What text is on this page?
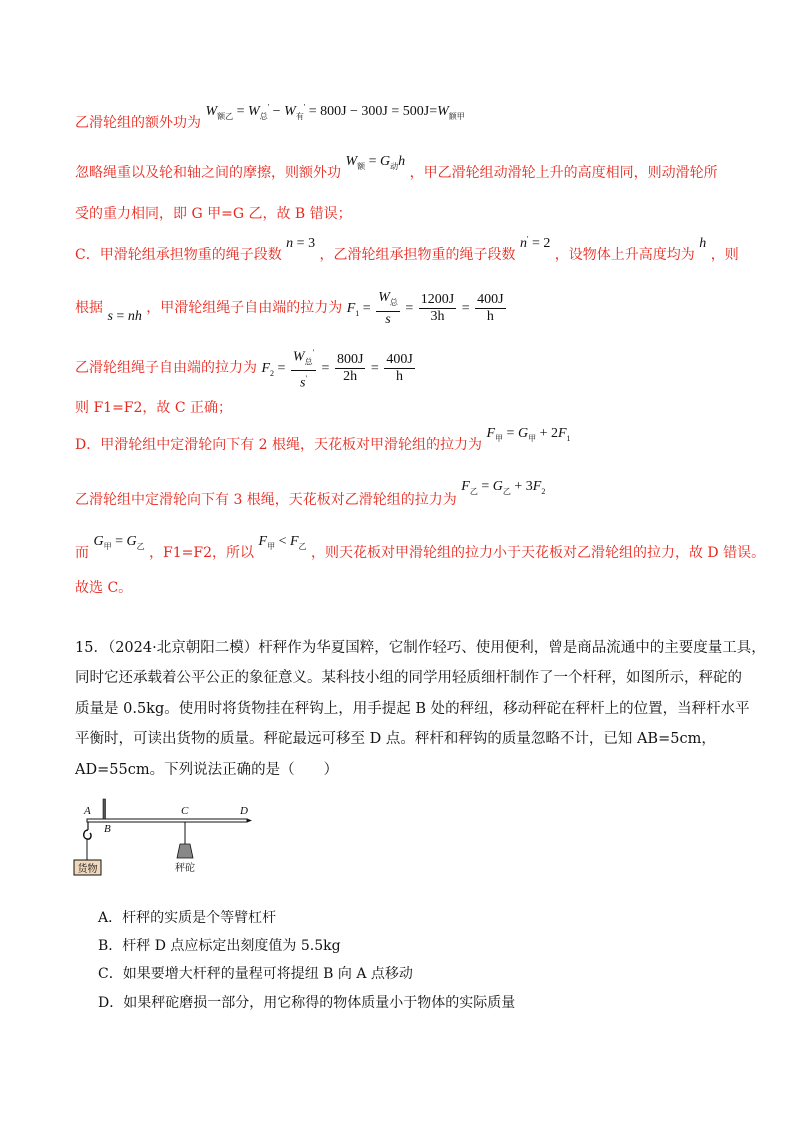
乙滑轮组的额外功为 $W_{额乙} = W_总' - W_有' = 800J - 300J = 500J=W_{额甲}$
忽略绳重以及轮和轴之间的摩擦，则额外功 $W_额 = G_动h$ ，甲乙滑轮组动滑轮上升的高度相同，则动滑轮所
受的重力相同，即 G 甲=G 乙，故 B 错误；
C．甲滑轮组承担物重的绳子段数 n = 3 ，乙滑轮组承担物重的绳子段数 n' = 2 ，设物体上升高度均为 h ，则
根据 s = nh ，甲滑轮组绳子自由端的拉力为 $F_1 = \frac{W_总}{s} = \frac{1200J}{3h} = \frac{400J}{h}$
乙滑轮组绳子自由端的拉力为 $F_2 = \frac{W_总'}{s'} = \frac{800J}{2h} = \frac{400J}{h}$
则 F1=F2，故 C 正确；
D．甲滑轮组中定滑轮向下有 2 根绳，天花板对甲滑轮组的拉力为 $F_甲 = G_甲 + 2F_1$
乙滑轮组中定滑轮向下有 3 根绳，天花板对乙滑轮组的拉力为 $F_乙 = G_乙 + 3F_2$
而 $G_甲 = G_乙$ ，F1=F2，所以 $F_甲 < F_乙$ ，则天花板对甲滑轮组的拉力小于天花板对乙滑轮组的拉力，故 D 错误。
故选 C。
15．（2024·北京朝阳二模）杆秤作为华夏国粹，它制作轻巧、使用便利，曾是商品流通中的主要度量工具，
同时它还承载着公平公正的象征意义。某科技小组的同学用轻质细杆制作了一个杆秤，如图所示，秤砣的
质量是 0.5kg。使用时将货物挂在秤钩上，用手提起 B 处的秤纽，移动秤砣在秤杆上的位置，当秤杆水平
平衡时，可读出货物的质量。秤砣最远可移至 D 点。秤杆和秤钩的质量忽略不计，已知 AB=5cm，
AD=55cm。下列说法正确的是（　　）
货物	秤砣
A
B
C	D
A．杆秤的实质是个等臂杠杆
B．杆秤 D 点应标定出刻度值为 5.5kg
C．如果要增大杆秤的量程可将提纽 B 向 A 点移动
D．如果秤砣磨损一部分，用它称得的物体质量小于物体的实际质量
